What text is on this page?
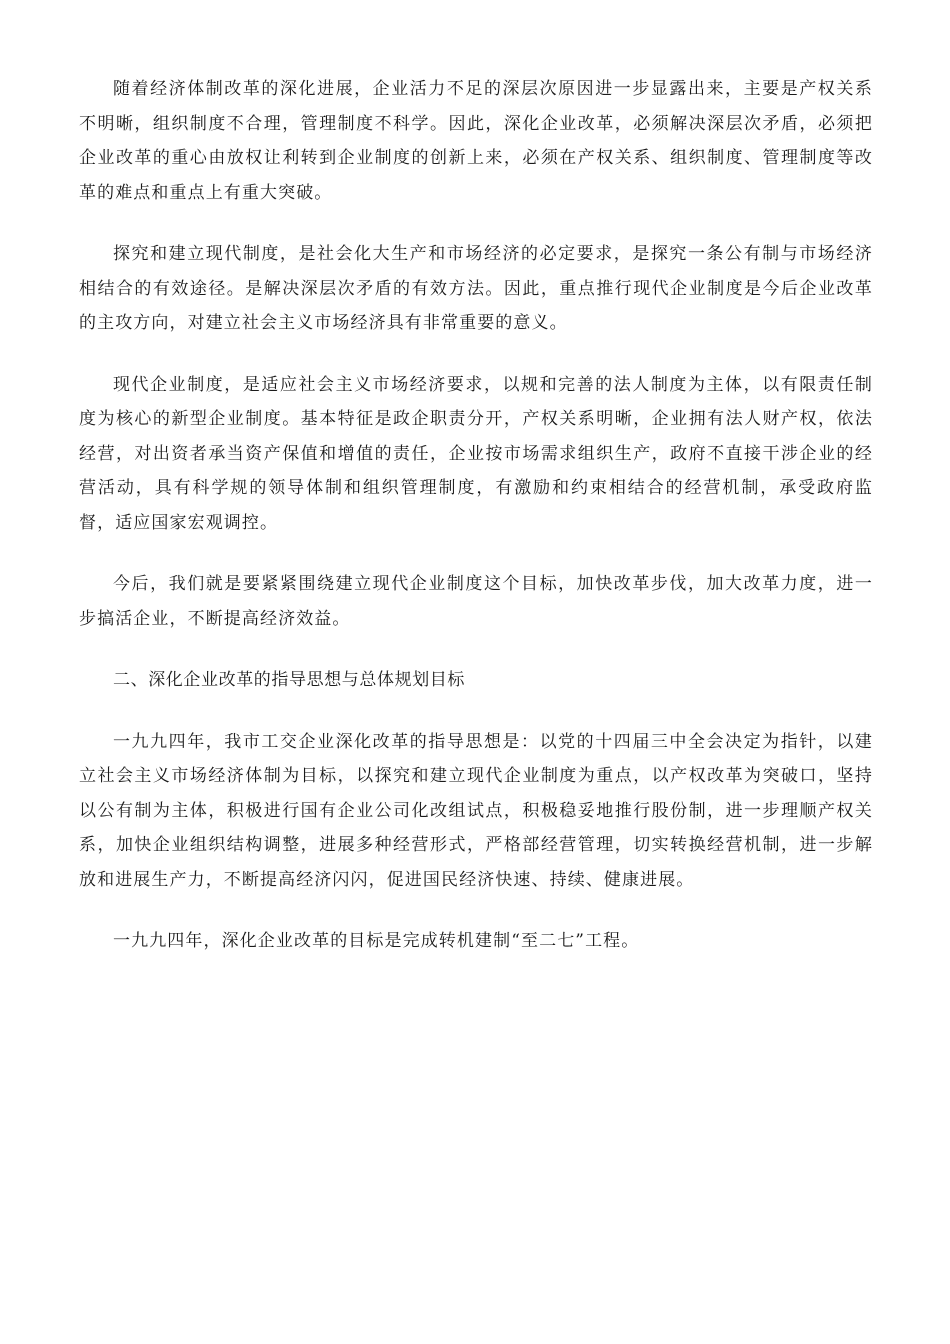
随着经济体制改革的深化进展，企业活力不足的深层次原因进一步显露出来，主要是产权关系不明晰，组织制度不合理，管理制度不科学。因此，深化企业改革，必须解决深层次矛盾，必须把企业改革的重心由放权让利转到企业制度的创新上来，必须在产权关系、组织制度、管理制度等改革的难点和重点上有重大突破。

探究和建立现代制度，是社会化大生产和市场经济的必定要求，是探究一条公有制与市场经济相结合的有效途径。是解决深层次矛盾的有效方法。因此，重点推行现代企业制度是今后企业改革的主攻方向，对建立社会主义市场经济具有非常重要的意义。

现代企业制度，是适应社会主义市场经济要求，以规和完善的法人制度为主体，以有限责任制度为核心的新型企业制度。基本特征是政企职责分开，产权关系明晰，企业拥有法人财产权，依法经营，对出资者承当资产保值和增值的责任，企业按市场需求组织生产，政府不直接干涉企业的经营活动，具有科学规的领导体制和组织管理制度，有激励和约束相结合的经营机制，承受政府监督，适应国家宏观调控。

今后，我们就是要紧紧围绕建立现代企业制度这个目标，加快改革步伐，加大改革力度，进一步搞活企业，不断提高经济效益。

二、深化企业改革的指导思想与总体规划目标

一九九四年，我市工交企业深化改革的指导思想是：以党的十四届三中全会决定为指针，以建立社会主义市场经济体制为目标，以探究和建立现代企业制度为重点，以产权改革为突破口，坚持以公有制为主体，积极进行国有企业公司化改组试点，积极稳妥地推行股份制，进一步理顺产权关系，加快企业组织结构调整，进展多种经营形式，严格部经营管理，切实转换经营机制，进一步解放和进展生产力，不断提高经济闪闪，促进国民经济快速、持续、健康进展。

一九九四年，深化企业改革的目标是完成转机建制“至二七”工程。
